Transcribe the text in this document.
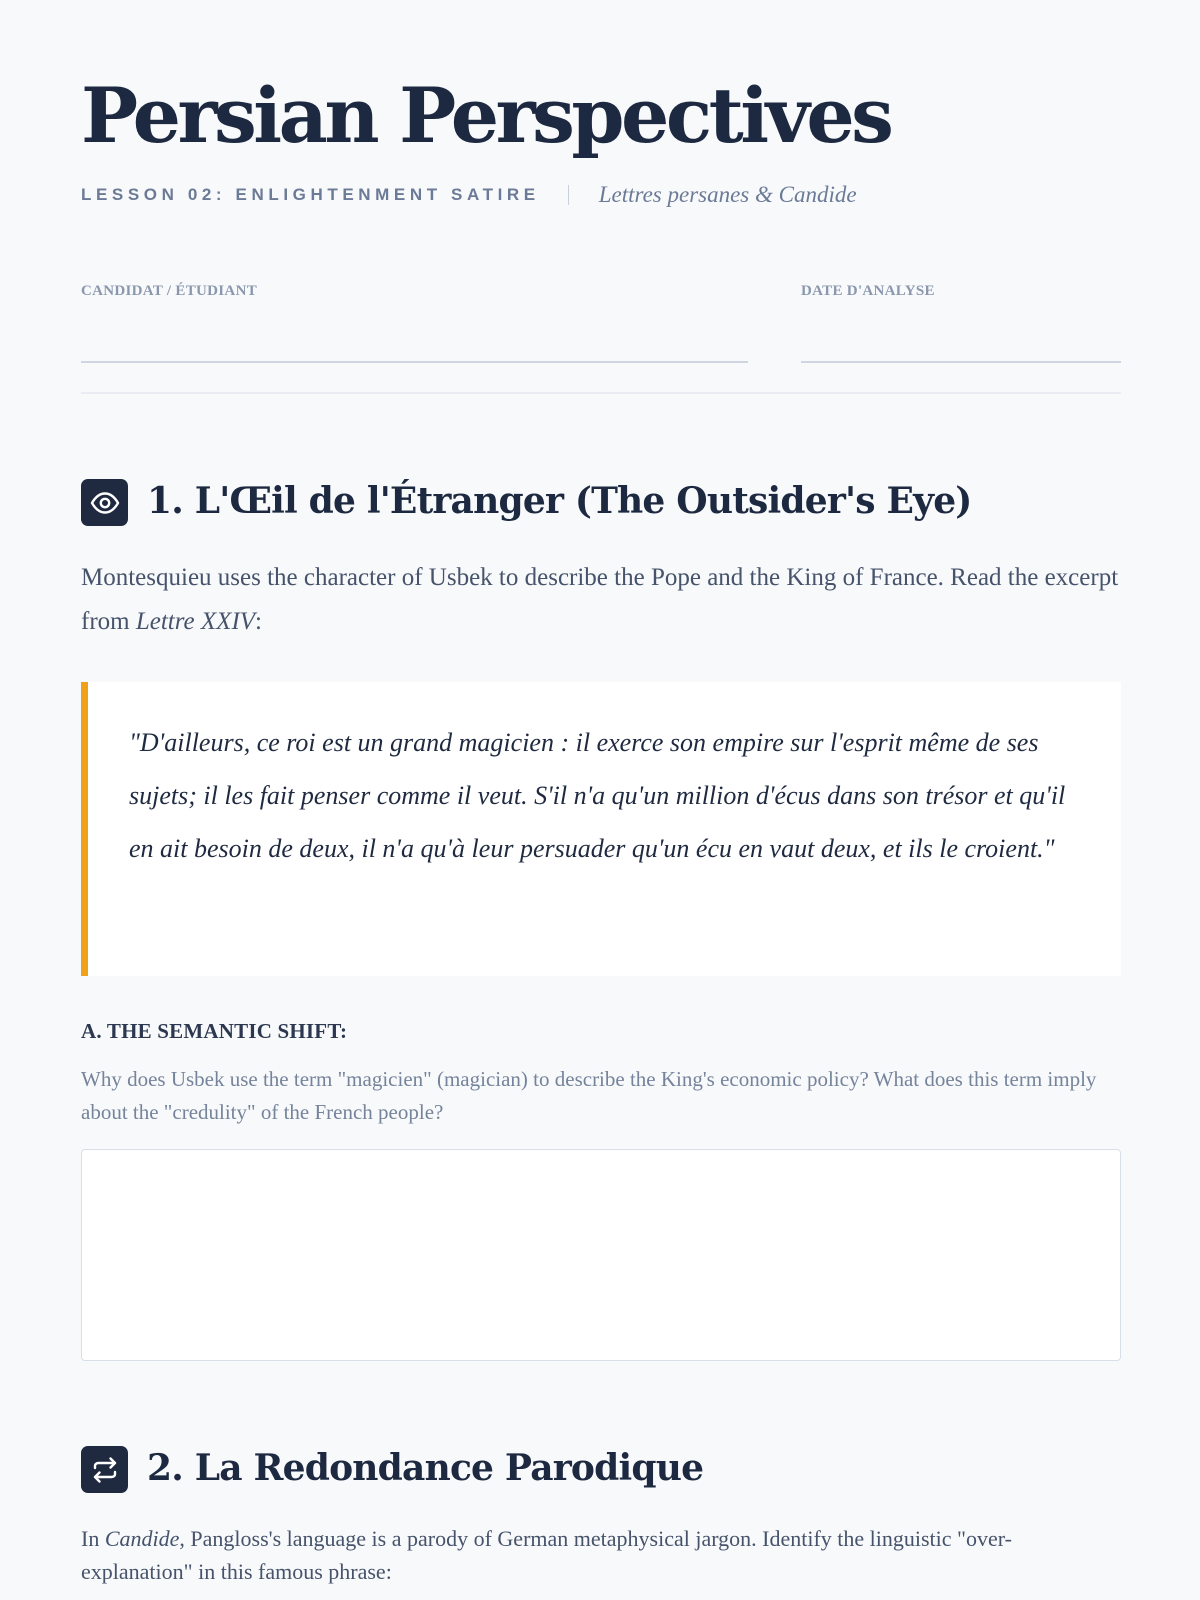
Persian Perspectives
LESSON 02: ENLIGHTENMENT SATIRE	Lettres persanes & Candide
CANDIDAT / ÉTUDIANT	DATE D'ANALYSE
1. L'Œil de l'Étranger (The Outsider's Eye)

Montesquieu uses the character of Usbek to describe the Pope and the King of France. Read the excerpt from Lettre XXIV:

"D'ailleurs, ce roi est un grand magicien : il exerce son empire sur l'esprit même de ses sujets; il les fait penser comme il veut. S'il n'a qu'un million d'écus dans son trésor et qu'il en ait besoin de deux, il n'a qu'à leur persuader qu'un écu en vaut deux, et ils le croient."

A. THE SEMANTIC SHIFT:

Why does Usbek use the term "magicien" (magician) to describe the King's economic policy? What does this term imply about the "credulity" of the French people?

2. La Redondance Parodique

In Candide, Pangloss's language is a parody of German metaphysical jargon. Identify the linguistic "over-explanation" in this famous phrase:
